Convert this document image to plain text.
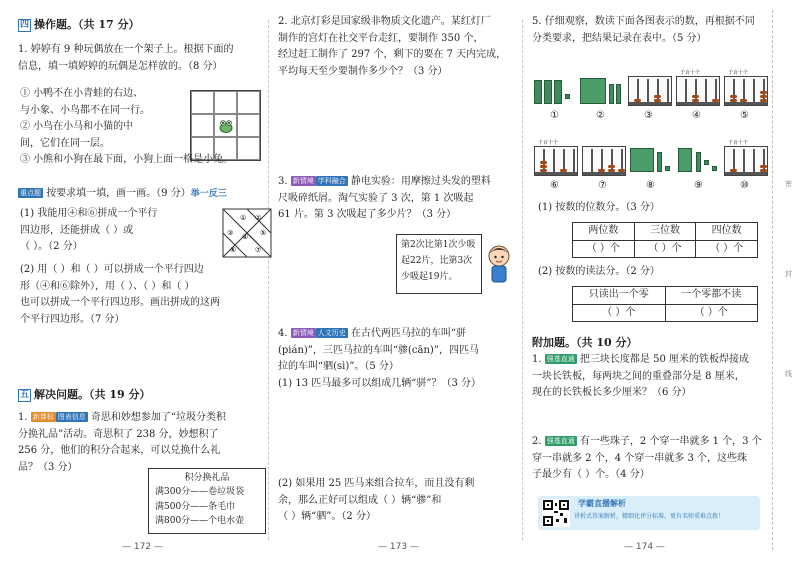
四 操作题。（共 17 分）
1. 婷婷有 9 种玩偶放在一个架子上。根据下面的
信息，填一填婷婷的玩偶是怎样放的。（8 分）
① 小鸭不在小青蛙的右边、
与小象、小鸟都不在同一行。
② 小鸟在小马和小猫的中
间，它们在同一层。
③ 小熊和小狗在最下面，小狗上面一格是小兔。
重点题 按要求填一填，画一画。（9 分）举一反三
(1) 我能用④和⑥拼成一个平行
四边形，还能拼成（ ）或
（ ）。（2 分）
① ②
③ ④ ⑤
⑥	⑦
(2) 用（ ）和（ ）可以拼成一个平行四边
形（④和⑥除外），用（ ）、（ ）和（ ）
也可以拼成一个平行四边形。画出拼成的这两
个平行四边形。（7 分）
五 解决问题。（共 19 分）
1. 新课标 图表信息 奇思和妙想参加了“垃圾分类积
分换礼品”活动。奇思积了 238 分，妙想积了
256 分，他们的积分合起来，可以兑换什么礼
品？（3 分）
积分换礼品
满300分——卷垃圾袋
满500分——条毛巾
满800分——个电水壶
— 172 —
2. 北京灯彩是国家级非物质文化遗产。某红灯厂
制作的宫灯在社交平台走红，要制作 350 个，
经过赶工制作了 297 个，剩下的要在 7 天内完成，
平均每天至少要制作多少个？（3 分）
3. 新情境 学科融合 静电实验：用摩擦过头发的塑料
尺吸碎纸屑。淘气实验了 3 次，第 1 次吸起
61 片。第 3 次吸起了多少片？（3 分）
第2次比第1次少吸
起22片，比第3次
少吸起19片。
4. 新情境 人文历史 在古代两匹马拉的车叫“骈
(pián)”，三匹马拉的车叫“骖(cān)”，四匹马
拉的车叫“驷(sì)”。（5 分）
(1) 13 匹马最多可以组成几辆“骈”？（3 分）
(2) 如果用 25 匹马来组合拉车，而且没有剩
余，那么正好可以组成（ ）辆“骖”和
（ ）辆“驷”。（2 分）
— 173 —
5. 仔细观察，数读下面各图表示的数，再根据不同
分类要求，把结果记录在表中。（5 分）
千百十个
千百十个
①	②	③	④	⑤
千百十个	千百十个
⑥	⑦	⑧	⑨	⑩
(1) 按数的位数分。（3 分）
两位数	三位数	四位数
（ ）个	（ ）个	（ ）个
(2) 按数的读法分。（2 分）
只读出一个零	一个零都不读
（ ）个	（ ）个
附加题。（共 10 分）
1. 强基直通 把三块长度都是 50 厘米的铁板焊接成
一块长铁板，每两块之间的重叠部分是 8 厘米，
现在的长铁板长多少厘米？（6 分）
2. 强基直通 有一些珠子，2 个穿一串就多 1 个，3 个
穿一串就多 2 个，4 个穿一串就多 3 个，这些珠
子最少有（ ）个。（4 分）
学霸直播解析
讲析式答案解析，精细化评分标准，更有名师重难点拨！
— 174 —
密
封
线
